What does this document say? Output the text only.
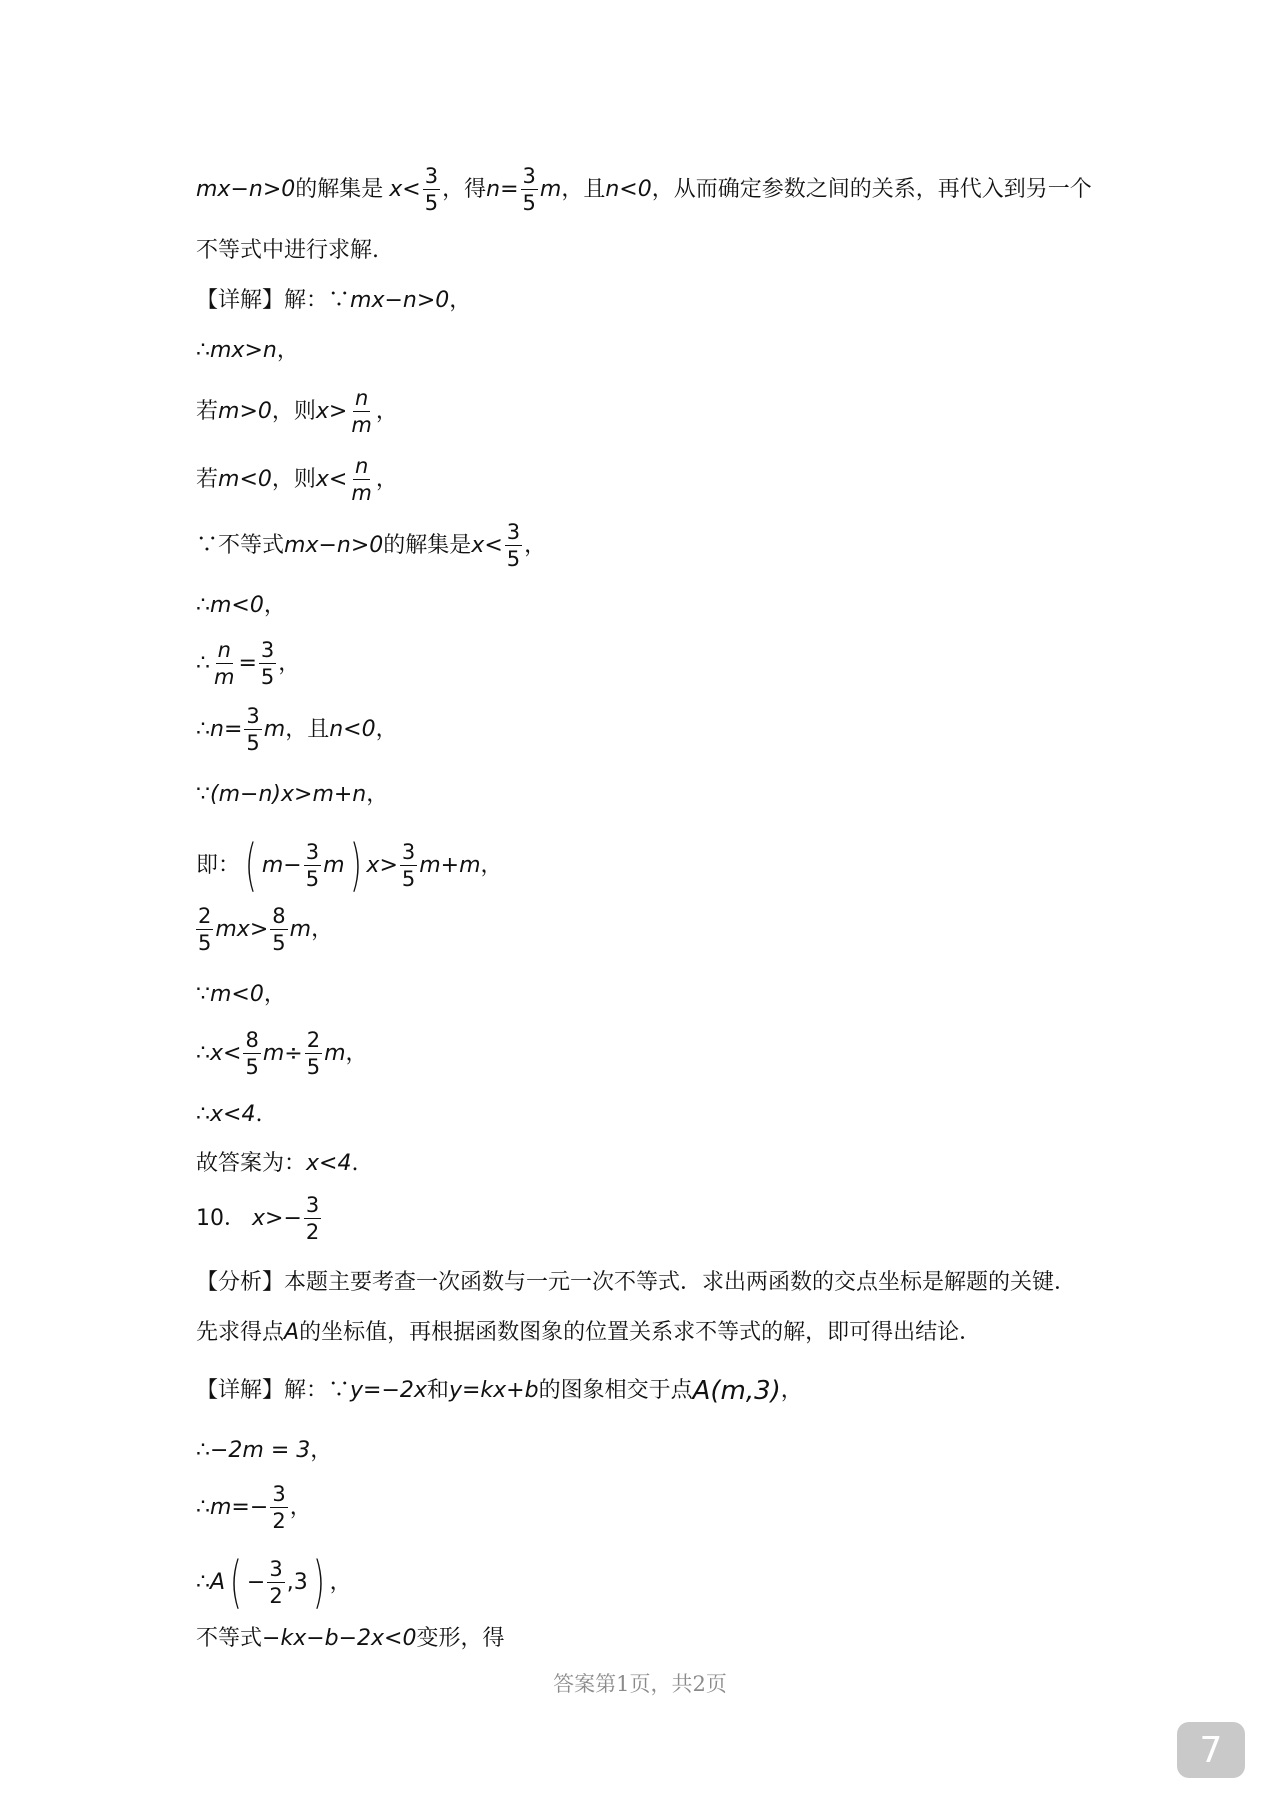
mx−n>0 的解集是 $x< \frac{3}{5}$ ，得 $n= \frac{3}{5}$ m ，且 n<0 ，从而确定参数之间的关系，再代入到另一个
不等式中进行求解.
【详解】解：∵ mx−n>0 ，
∴ mx>n ，
若 m>0 ，则 $x> \frac{n}{m}$ ，
若 m<0 ，则 $x< \frac{n}{m}$ ，
∵不等式 mx−n>0 的解集是 $x< \frac{3}{5}$ ，
∴ m<0 ，
∴ $\frac{n}{m} = \frac{3}{5}$ ，
∴ $n= \frac{3}{5}$ m ，且 n<0 ，
∵ (m−n) x>m+n ，
即： ( $m- \frac{3}{5}$ m ) $x> \frac{3}{5} m+m$ ，
$\frac{2}{5} mx> \frac{8}{5}$ m ，
∵ m<0 ，
∴ $x< \frac{8}{5} m\div \frac{2}{5}$ m ，
∴ x<4 .
故答案为： x<4 .
10． $x>- \frac{3}{2}$
【分析】本题主要考查一次函数与一元一次不等式．求出两函数的交点坐标是解题的关键．
先求得点 A 的坐标值，再根据函数图象的位置关系求不等式的解，即可得出结论．
【详解】解：∵ y=−2x 和 y=kx+b 的图象相交于点 A (m,3) ，
∴ −2m = 3 ，
∴ $m=- \frac{3}{2}$ ，
∴ A ( − $\frac{3}{2} ,3$ ) ，
不等式 −kx−b−2x<0 变形，得
答案第1页，共2页
7
